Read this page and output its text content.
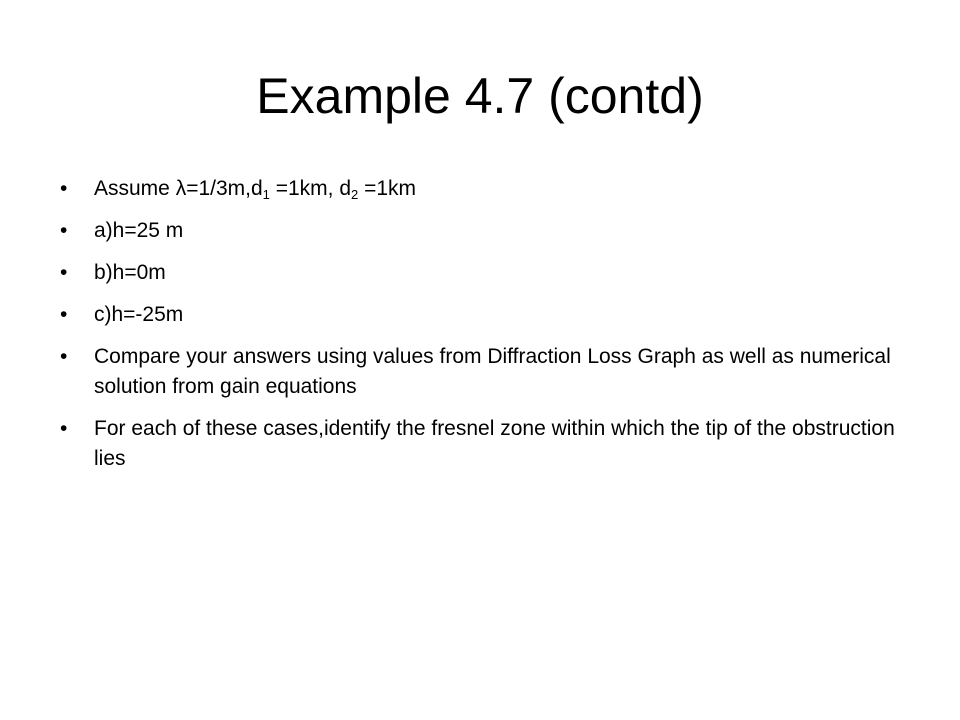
Example 4.7 (contd)
• Assume $\lambda=1/3m,d_1 =1km$, $d_2 =1km$
• a)h=25 m
• b)h=0m
• c)h=-25m
• Compare your answers using values from Diffraction Loss Graph as well as numerical solution from gain equations
• For each of these cases,identify the fresnel zone within which the tip of the obstruction lies
